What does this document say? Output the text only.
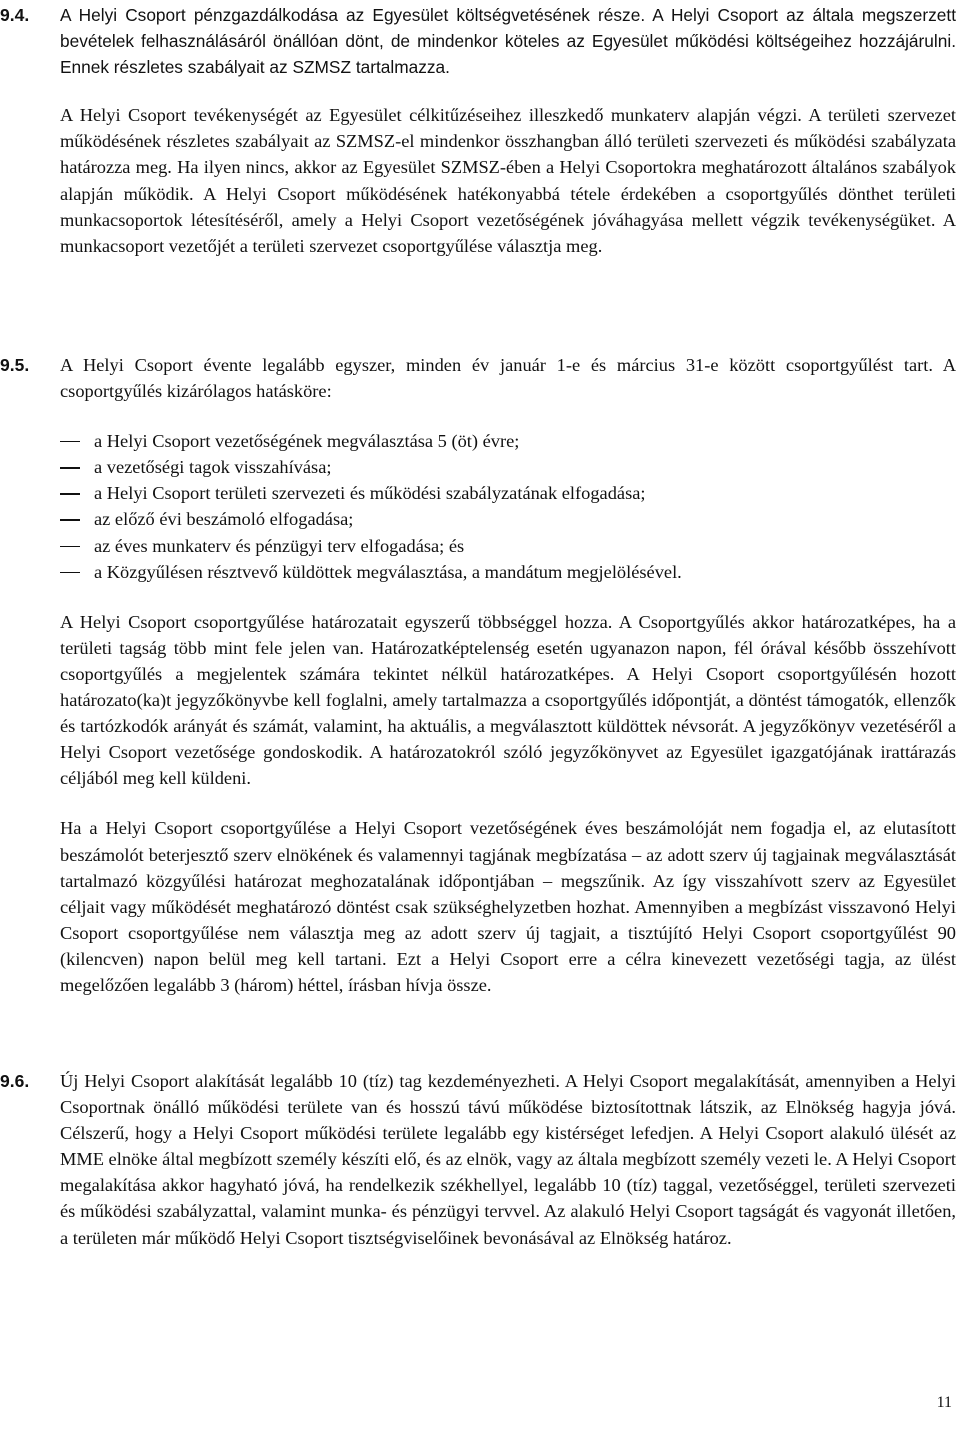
9.4. A Helyi Csoport pénzgazdálkodása az Egyesület költségvetésének része. A Helyi Csoport az általa megszerzett bevételek felhasználásáról önállóan dönt, de mindenkor köteles az Egyesület működési költségeihez hozzájárulni. Ennek részletes szabályait az SZMSZ tartalmazza.

A Helyi Csoport tevékenységét az Egyesület célkitűzéseihez illeszkedő munkaterv alapján végzi. A területi szervezet működésének részletes szabályait az SZMSZ-el mindenkor összhangban álló területi szervezeti és működési szabályzata határozza meg. Ha ilyen nincs, akkor az Egyesület SZMSZ-ében a Helyi Csoportokra meghatározott általános szabályok alapján működik. A Helyi Csoport működésének hatékonyabbá tétele érdekében a csoportgyűlés dönthet területi munkacsoportok létesítéséről, amely a Helyi Csoport vezetőségének jóváhagyása mellett végzik tevékenységüket. A munkacsoport vezetőjét a területi szervezet csoportgyűlése választja meg.

9.5. A Helyi Csoport évente legalább egyszer, minden év január 1-e és március 31-e között csoportgyűlést tart. A csoportgyűlés kizárólagos hatásköre:

a Helyi Csoport vezetőségének megválasztása 5 (öt) évre;

a vezetőségi tagok visszahívása;

a Helyi Csoport területi szervezeti és működési szabályzatának elfogadása;

az előző évi beszámoló elfogadása;

az éves munkaterv és pénzügyi terv elfogadása; és

a Közgyűlésen résztvevő küldöttek megválasztása, a mandátum megjelölésével.

A Helyi Csoport csoportgyűlése határozatait egyszerű többséggel hozza. A Csoportgyűlés akkor határozatképes, ha a területi tagság több mint fele jelen van. Határozatképtelenség esetén ugyanazon napon, fél órával később összehívott csoportgyűlés a megjelentek számára tekintet nélkül határozatképes. A Helyi Csoport csoportgyűlésén hozott határozato(ka)t jegyzőkönyvbe kell foglalni, amely tartalmazza a csoportgyűlés időpontját, a döntést támogatók, ellenzők és tartózkodók arányát és számát, valamint, ha aktuális, a megválasztott küldöttek névsorát. A jegyzőkönyv vezetéséről a Helyi Csoport vezetősége gondoskodik. A határozatokról szóló jegyzőkönyvet az Egyesület igazgatójának irattárazás céljából meg kell küldeni.

Ha a Helyi Csoport csoportgyűlése a Helyi Csoport vezetőségének éves beszámolóját nem fogadja el, az elutasított beszámolót beterjesztő szerv elnökének és valamennyi tagjának megbízatása – az adott szerv új tagjainak megválasztását tartalmazó közgyűlési határozat meghozatalának időpontjában – megszűnik. Az így visszahívott szerv az Egyesület céljait vagy működését meghatározó döntést csak szükséghelyzetben hozhat. Amennyiben a megbízást visszavonó Helyi Csoport csoportgyűlése nem választja meg az adott szerv új tagjait, a tisztújító Helyi Csoport csoportgyűlést 90 (kilencven) napon belül meg kell tartani. Ezt a Helyi Csoport erre a célra kinevezett vezetőségi tagja, az ülést megelőzően legalább 3 (három) héttel, írásban hívja össze.

9.6. Új Helyi Csoport alakítását legalább 10 (tíz) tag kezdeményezheti. A Helyi Csoport megalakítását, amennyiben a Helyi Csoportnak önálló működési területe van és hosszú távú működése biztosítottnak látszik, az Elnökség hagyja jóvá. Célszerű, hogy a Helyi Csoport működési területe legalább egy kistérséget lefedjen. A Helyi Csoport alakuló ülését az MME elnöke által megbízott személy készíti elő, és az elnök, vagy az általa megbízott személy vezeti le. A Helyi Csoport megalakítása akkor hagyható jóvá, ha rendelkezik székhellyel, legalább 10 (tíz) taggal, vezetőséggel, területi szervezeti és működési szabályzattal, valamint munka- és pénzügyi tervvel. Az alakuló Helyi Csoport tagságát és vagyonát illetően, a területen már működő Helyi Csoport tisztségviselőinek bevonásával az Elnökség határoz.

11
